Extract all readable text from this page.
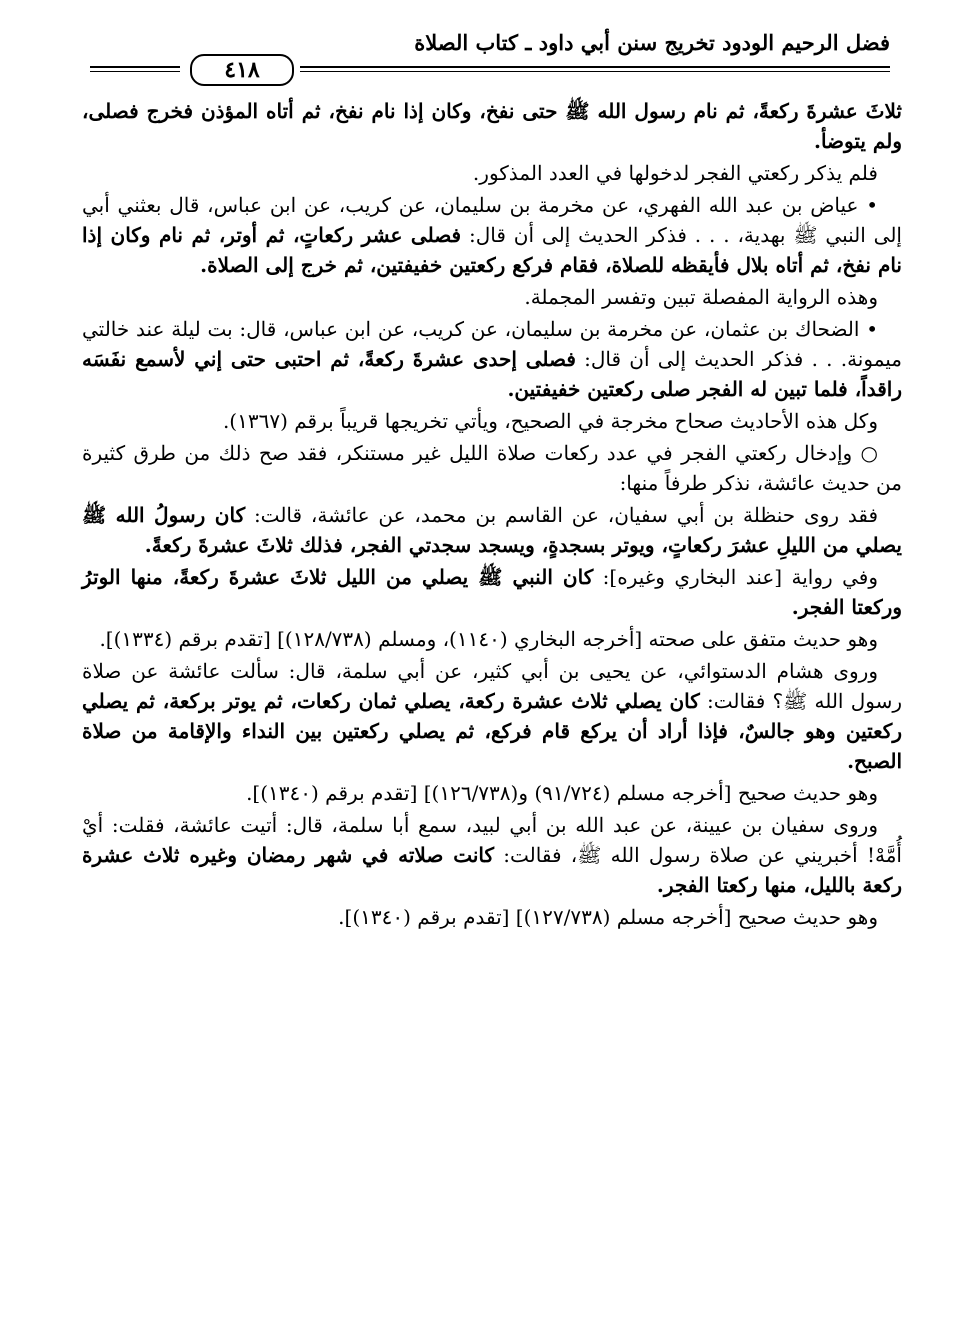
فضل الرحيم الودود تخريج سنن أبي داود ـ كتاب الصلاة
٤١٨
ثلاثَ عشرةَ ركعةً، ثم نام رسول الله ﷺ حتى نفخ، وكان إذا نام نفخ، ثم أتاه المؤذن فخرج فصلى، ولم يتوضأ.
فلم يذكر ركعتي الفجر لدخولها في العدد المذكور.
• عياض بن عبد الله الفهري، عن مخرمة بن سليمان، عن كريب، عن ابن عباس، قال بعثني أبي إلى النبي ﷺ بهدية، . . . فذكر الحديث إلى أن قال: فصلى عشر ركعاتٍ، ثم أوتر، ثم نام وكان إذا نام نفخ، ثم أتاه بلال فأيقظه للصلاة، فقام فركع ركعتين خفيفتين، ثم خرج إلى الصلاة.
وهذه الرواية المفصلة تبين وتفسر المجملة.
• الضحاك بن عثمان، عن مخرمة بن سليمان، عن كريب، عن ابن عباس، قال: بت ليلة عند خالتي ميمونة. . . فذكر الحديث إلى أن قال: فصلى إحدى عشرةَ ركعةً، ثم احتبى حتى إني لأسمع نفَسَه راقداً، فلما تبين له الفجر صلى ركعتين خفيفتين.
وكل هذه الأحاديث صحاح مخرجة في الصحيح، ويأتي تخريجها قريباً برقم (١٣٦٧).
○ وإدخال ركعتي الفجر في عدد ركعات صلاة الليل غير مستنكر، فقد صح ذلك من طرق كثيرة من حديث عائشة، نذكر طرفاً منها:
فقد روى حنظلة بن أبي سفيان، عن القاسم بن محمد، عن عائشة، قالت: كان رسولُ الله ﷺ يصلي من الليلِ عشرَ ركعاتٍ، ويوتر بسجدةٍ، ويسجد سجدتي الفجر، فذلك ثلاثَ عشرةَ ركعةً.
وفي رواية [عند البخاري وغيره]: كان النبي ﷺ يصلي من الليل ثلاثَ عشرةَ ركعةً، منها الوترُ وركعتا الفجر.
وهو حديث متفق على صحته [أخرجه البخاري (١١٤٠)، ومسلم (١٢٨/٧٣٨)] [تقدم برقم (١٣٣٤)].
وروى هشام الدستوائي، عن يحيى بن أبي كثير، عن أبي سلمة، قال: سألت عائشة عن صلاة رسول الله ﷺ؟ فقالت: كان يصلي ثلاث عشرة ركعة، يصلي ثمان ركعات، ثم يوتر بركعة، ثم يصلي ركعتين وهو جالسٌ، فإذا أراد أن يركع قام فركع، ثم يصلي ركعتين بين النداء والإقامة من صلاة الصبح.
وهو حديث صحيح [أخرجه مسلم (٩١/٧٢٤) و(١٢٦/٧٣٨)] [تقدم برقم (١٣٤٠)].
وروى سفيان بن عيينة، عن عبد الله بن أبي لبيد، سمع أبا سلمة، قال: أتيت عائشة، فقلت: أيْ أُمَّهْ! أخبريني عن صلاة رسول الله ﷺ، فقالت: كانت صلاته في شهر رمضان وغيره ثلاث عشرة ركعة بالليل، منها ركعتا الفجر.
وهو حديث صحيح [أخرجه مسلم (١٢٧/٧٣٨)] [تقدم برقم (١٣٤٠)].
